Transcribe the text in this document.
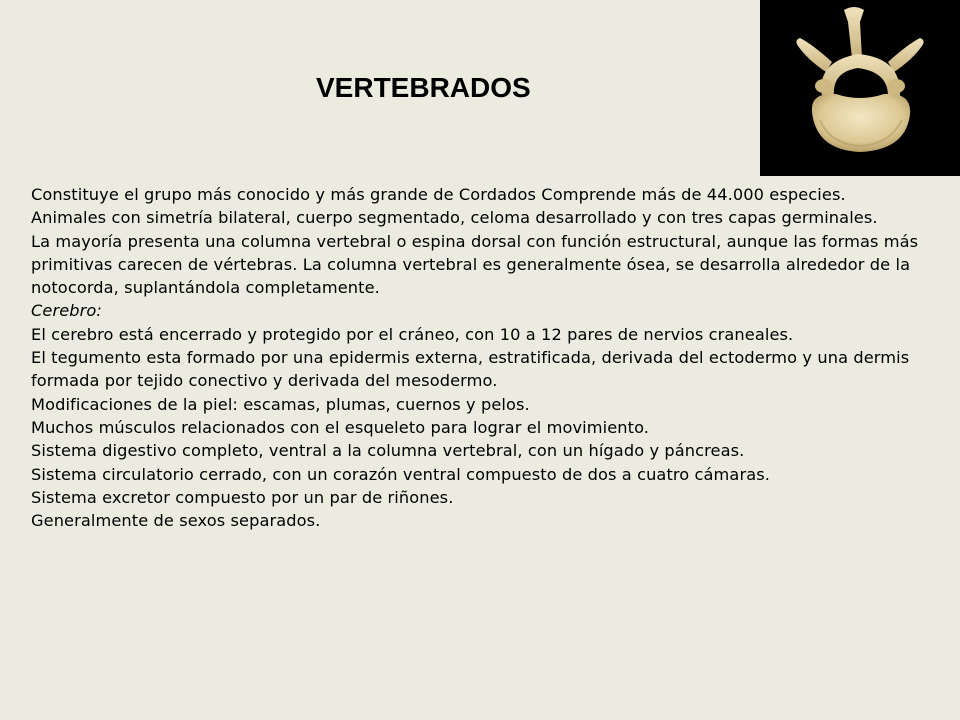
VERTEBRADOS

Constituye el grupo más conocido y más grande de Cordados Comprende más de 44.000 especies.

Animales con simetría bilateral, cuerpo segmentado, celoma desarrollado y con tres capas germinales.

La mayoría presenta una columna vertebral o espina dorsal con función estructural, aunque las formas más primitivas carecen de vértebras. La columna vertebral es generalmente ósea, se desarrolla alrededor de la notocorda, suplantándola completamente.

Cerebro:

El cerebro está encerrado y protegido por el cráneo, con 10 a 12 pares de nervios craneales.

El tegumento esta formado por una epidermis externa, estratificada, derivada del ectodermo y una dermis formada por tejido conectivo y derivada del mesodermo.

Modificaciones de la piel: escamas, plumas, cuernos y pelos.

Muchos músculos relacionados con el esqueleto para lograr el movimiento.

Sistema digestivo completo, ventral a la columna vertebral, con un hígado y páncreas.

Sistema circulatorio cerrado, con un corazón ventral compuesto de dos a cuatro cámaras.

Sistema excretor compuesto por un par de riñones.

Generalmente de sexos separados.
